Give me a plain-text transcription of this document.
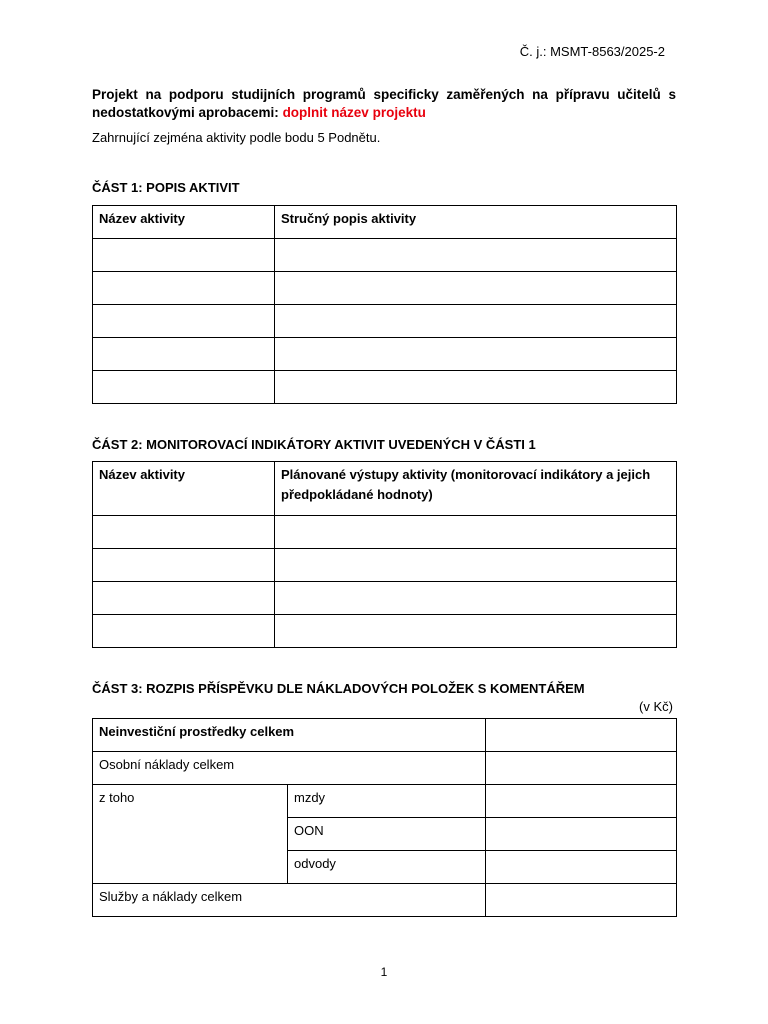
Č. j.: MSMT-8563/2025-2
Projekt na podporu studijních programů specificky zaměřených na přípravu učitelů s nedostatkovými aprobacemi: doplnit název projektu
Zahrnující zejména aktivity podle bodu 5 Podnětu.
ČÁST 1: POPIS AKTIVIT
Název aktivity	Stručný popis aktivity

ČÁST 2: MONITOROVACÍ INDIKÁTORY AKTIVIT UVEDENÝCH V ČÁSTI 1
Název aktivity	Plánované výstupy aktivity (monitorovací indikátory a jejich předpokládané hodnoty)

ČÁST 3: ROZPIS PŘÍSPĚVKU DLE NÁKLADOVÝCH POLOŽEK S KOMENTÁŘEM
(v Kč)
Neinvestiční prostředky celkem		
Osobní náklady celkem		
z toho	mzdy	
	OON	
	odvody	
Služby a náklady celkem		
1
